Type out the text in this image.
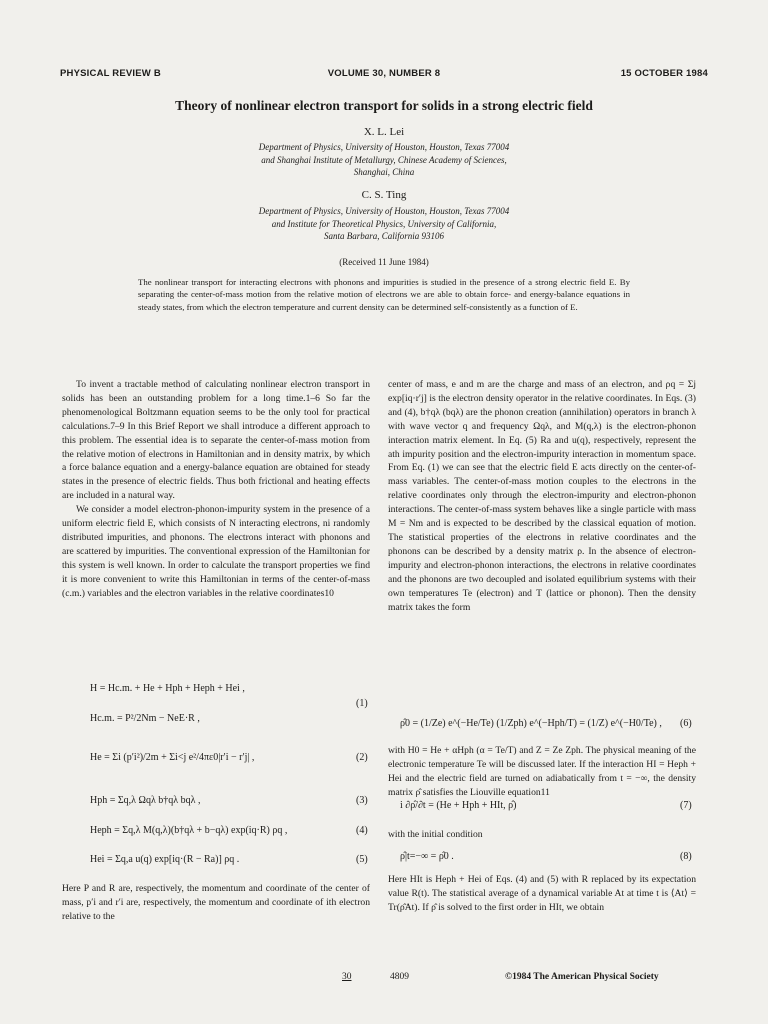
PHYSICAL REVIEW B	VOLUME 30, NUMBER 8	15 OCTOBER 1984
Theory of nonlinear electron transport for solids in a strong electric field
X. L. Lei
Department of Physics, University of Houston, Houston, Texas 77004
and Shanghai Institute of Metallurgy, Chinese Academy of Sciences,
Shanghai, China
C. S. Ting
Department of Physics, University of Houston, Houston, Texas 77004
and Institute for Theoretical Physics, University of California,
Santa Barbara, California 93106
(Received 11 June 1984)
The nonlinear transport for interacting electrons with phonons and impurities is studied in the presence of a strong electric field E. By separating the center-of-mass motion from the relative motion of electrons we are able to obtain force- and energy-balance equations in steady states, from which the electron temperature and current density can be determined self-consistently as a function of E.

To invent a tractable method of calculating nonlinear electron transport in solids has been an outstanding problem for a long time.1–6 So far the phenomenological Boltzmann equation seems to be the only tool for practical calculations.7–9 In this Brief Report we shall introduce a different approach to this problem. The essential idea is to separate the center-of-mass motion from the relative motion of electrons in Hamiltonian and in density matrix, by which a force balance equation and a energy-balance equation are obtained for steady states in the presence of electric fields. Thus both frictional and heating effects are included in a natural way.

We consider a model electron-phonon-impurity system in the presence of a uniform electric field E, which consists of N interacting electrons, ni randomly distributed impurities, and phonons. The electrons interact with phonons and are scattered by impurities. The conventional expression of the Hamiltonian for this system is well known. In order to calculate the transport properties we find it is more convenient to write this Hamiltonian in terms of the center-of-mass (c.m.) variables and the electron variables in the relative coordinates10

H = Hc.m. + He + Hph + Heph + Hei ,
(1)
Hc.m. = P²/2Nm − NeE·R ,
He = Σi (p′i²)/2m + Σi<j e²/4πε0|r′i − r′j| ,	(2)
Hph = Σq,λ Ωqλ b†qλ bqλ ,	(3)
Heph = Σq,λ M(q,λ)(b†qλ + b−qλ) exp(iq·R) ρq ,	(4)
Hei = Σq,a u(q) exp[iq·(R − Ra)] ρq .	(5)

Here P and R are, respectively, the momentum and coordinate of the center of mass, p′i and r′i are, respectively, the momentum and coordinate of ith electron relative to the

center of mass, e and m are the charge and mass of an electron, and ρq = Σj exp[iq·r′j] is the electron density operator in the relative coordinates. In Eqs. (3) and (4), b†qλ (bqλ) are the phonon creation (annihilation) operators in branch λ with wave vector q and frequency Ωqλ, and M(q,λ) is the electron-phonon interaction matrix element. In Eq. (5) Ra and u(q), respectively, represent the ath impurity position and the electron-impurity interaction in momentum space. From Eq. (1) we can see that the electric field E acts directly on the center-of-mass variables. The center-of-mass motion couples to the electrons in the relative coordinates only through the electron-impurity and electron-phonon interactions. The center-of-mass system behaves like a single particle with mass M = Nm and is expected to be described by the classical equation of motion. The statistical properties of the electrons in relative coordinates and the phonons can be described by a density matrix ρ. In the absence of electron-impurity and electron-phonon interactions, the electrons in relative coordinates and the phonons are two decoupled and isolated equilibrium systems with their own temperatures Te (electron) and T (lattice or phonon). Then the density matrix takes the form

ρ̂0 = (1/Ze) e^(−He/Te) (1/Zph) e^(−Hph/T) = (1/Z) e^(−H0/Te) , (6)

with H0 = He + αHph (α = Te/T) and Z = Ze Zph. The physical meaning of the electronic temperature Te will be discussed later. If the interaction HI = Heph + Hei and the electric field are turned on adiabatically from t = −∞, the density matrix ρ̂ satisfies the Liouville equation11

i ∂ρ̂/∂t = (He + Hph + HIt, ρ̂)	(7)

with the initial condition

ρ̂|t=−∞ = ρ̂0 .	(8)

Here HIt is Heph + Hei of Eqs. (4) and (5) with R replaced by its expectation value R(t). The statistical average of a dynamical variable At at time t is ⟨At⟩ = Tr(ρ̂At). If ρ̂ is solved to the first order in HIt, we obtain

30	4809	©1984 The American Physical Society
